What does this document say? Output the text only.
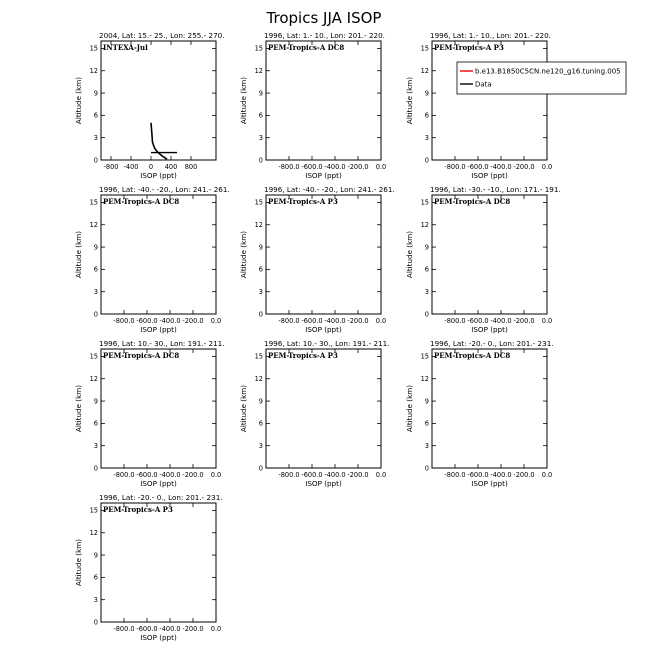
Tropics JJA ISOP
2004, Lat: 15.- 25., Lon: 255.- 270.
INTEXA-Jul
0
3
6
9
12
15
-800 -400 0 400 800
ISOP (ppt)
Altitude (km)
1996, Lat: 1.- 10., Lon: 201.- 220.
PEM-Tropics-A DC8
0
3
6
9
12
15
-800.0 -600.0 -400.0 -200.0 0.0
ISOP (ppt)
Altitude (km)
1996, Lat: 1.- 10., Lon: 201.- 220.
PEM-Tropics-A P3
0
3
6
9
12
15
-800.0 -600.0 -400.0 -200.0 0.0
ISOP (ppt)
Altitude (km)
b.e13.B1850C5CN.ne120_g16.tuning.005
Data
1996, Lat: -40.- -20., Lon: 241.- 261.
PEM-Tropics-A DC8
0
3
6
9
12
15
-800.0 -600.0 -400.0 -200.0 0.0
ISOP (ppt)
Altitude (km)
1996, Lat: -40.- -20., Lon: 241.- 261.
PEM-Tropics-A P3
0
3
6
9
12
15
-800.0 -600.0 -400.0 -200.0 0.0
ISOP (ppt)
Altitude (km)
1996, Lat: -30.- -10., Lon: 171.- 191.
PEM-Tropics-A DC8
0
3
6
9
12
15
-800.0 -600.0 -400.0 -200.0 0.0
ISOP (ppt)
Altitude (km)
1996, Lat: 10.- 30., Lon: 191.- 211.
PEM-Tropics-A DC8
0
3
6
9
12
15
-800.0 -600.0 -400.0 -200.0 0.0
ISOP (ppt)
Altitude (km)
1996, Lat: 10.- 30., Lon: 191.- 211.
PEM-Tropics-A P3
0
3
6
9
12
15
-800.0 -600.0 -400.0 -200.0 0.0
ISOP (ppt)
Altitude (km)
1996, Lat: -20.- 0., Lon: 201.- 231.
PEM-Tropics-A DC8
0
3
6
9
12
15
-800.0 -600.0 -400.0 -200.0 0.0
ISOP (ppt)
Altitude (km)
1996, Lat: -20.- 0., Lon: 201.- 231.
PEM-Tropics-A P3
0
3
6
9
12
15
-800.0 -600.0 -400.0 -200.0 0.0
ISOP (ppt)
Altitude (km)
